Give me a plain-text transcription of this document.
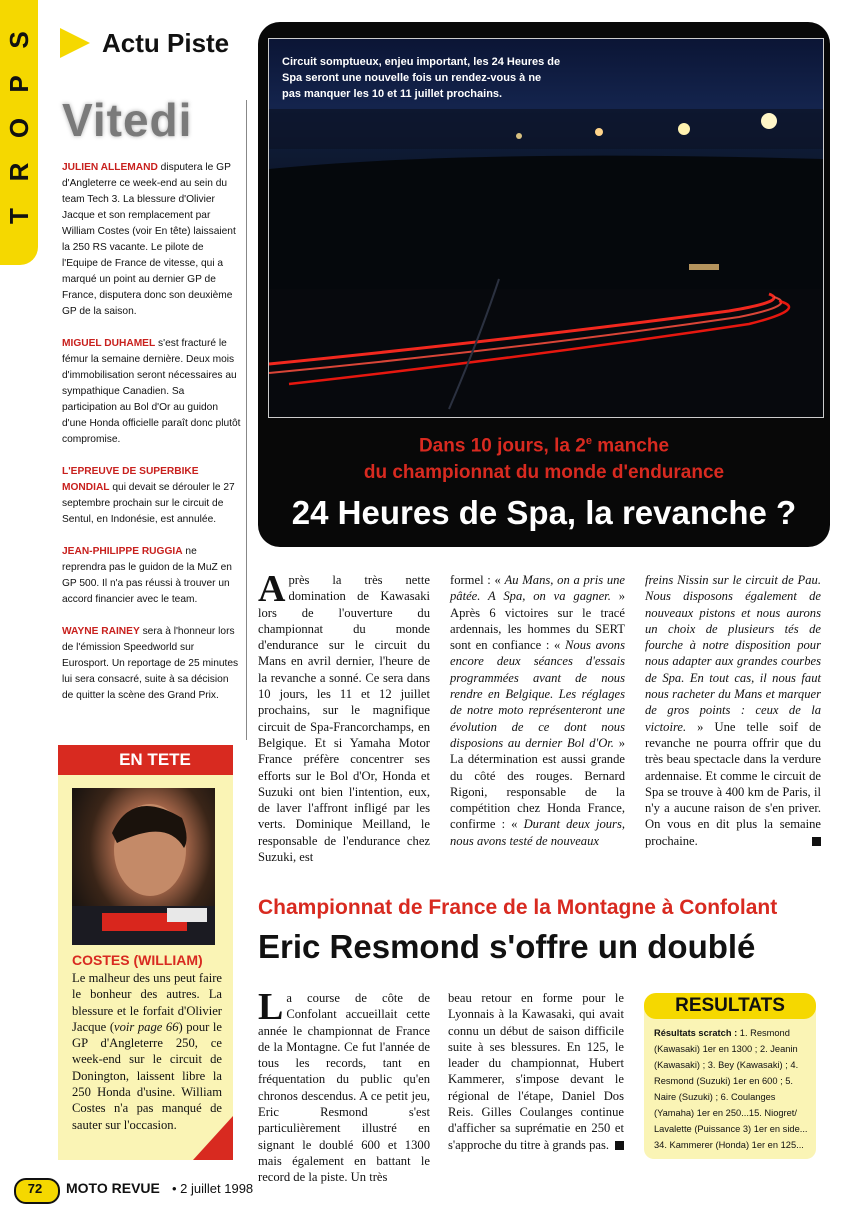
S
P
O
R
T
Actu Piste
Vitedi

JULIEN ALLEMAND disputera le GP d'Angleterre ce week-end au sein du team Tech 3. La blessure d'Olivier Jacque et son remplacement par William Costes (voir En tête) laissaient la 250 RS vacante. Le pilote de l'Equipe de France de vitesse, qui a marqué un point au dernier GP de France, disputera donc son deuxième GP de la saison.

MIGUEL DUHAMEL s'est fracturé le fémur la semaine dernière. Deux mois d'immobilisation seront nécessaires au sympathique Canadien. Sa participation au Bol d'Or au guidon d'une Honda officielle paraît donc plutôt compromise.

L'EPREUVE DE SUPERBIKE MONDIAL qui devait se dérouler le 27 septembre prochain sur le circuit de Sentul, en Indonésie, est annulée.

JEAN-PHILIPPE RUGGIA ne reprendra pas le guidon de la MuZ en GP 500. Il n'a pas réussi à trouver un accord financier avec le team.

WAYNE RAINEY sera à l'honneur lors de l'émission Speedworld sur Eurosport. Un reportage de 25 minutes lui sera consacré, suite à sa décision de quitter la scène des Grand Prix.

Circuit somptueux, enjeu important, les 24 Heures de Spa seront une nouvelle fois un rendez-vous à ne pas manquer les 10 et 11 juillet prochains.
Dans 10 jours, la 2e manche
du championnat du monde d'endurance
24 Heures de Spa, la revanche ?
Après la très nette domination de Kawasaki lors de l'ouverture du championnat du monde d'endurance sur le circuit du Mans en avril dernier, l'heure de la revanche a sonné. Ce sera dans 10 jours, les 11 et 12 juillet prochains, sur le magnifique circuit de Spa-Francorchamps, en Belgique. Et si Yamaha Motor France préfère concentrer ses efforts sur le Bol d'Or, Honda et Suzuki ont bien l'intention, eux, de laver l'affront infligé par les verts. Dominique Meilland, le responsable de l'endurance chez Suzuki, est
formel : « Au Mans, on a pris une pâtée. A Spa, on va gagner. » Après 6 victoires sur le tracé ardennais, les hommes du SERT sont en confiance : « Nous avons encore deux séances d'essais programmées avant de nous rendre en Belgique. Les réglages de notre moto représenteront une évolution de ce dont nous disposions au dernier Bol d'Or. » La détermination est aussi grande du côté des rouges. Bernard Rigoni, responsable de la compétition chez Honda France, confirme : « Durant deux jours, nous avons testé de nouveaux
freins Nissin sur le circuit de Pau. Nous disposons également de nouveaux pistons et nous aurons un choix de plusieurs tés de fourche à notre disposition pour nous adapter aux grandes courbes de Spa. En tout cas, il nous faut nous racheter du Mans et marquer de gros points : ceux de la victoire. » Une telle soif de revanche ne pourra offrir que du très beau spectacle dans la verdure ardennaise. Et comme le circuit de Spa se trouve à 400 km de Paris, il n'y a aucune raison de s'en priver. On vous en dit plus la semaine prochaine.
EN TETE
COSTES (WILLIAM)
Le malheur des uns peut faire le bonheur des autres. La blessure et le forfait d'Olivier Jacque (voir page 66) pour le GP d'Angleterre 250, ce week-end sur le circuit de Donington, laissent libre la 250 Honda d'usine. William Costes n'a pas manqué de sauter sur l'occasion.
Championnat de France de la Montagne à Confolant
Eric Resmond s'offre un doublé
La course de côte de Confolant accueillait cette année le championnat de France de la Montagne. Ce fut l'année de tous les records, tant en fréquentation du public qu'en chronos descendus. A ce petit jeu, Eric Resmond s'est particulièrement illustré en signant le doublé 600 et 1300 mais également en battant le record de la piste. Un très
beau retour en forme pour le Lyonnais à la Kawasaki, qui avait connu un début de saison difficile suite à ses blessures. En 125, le leader du championnat, Hubert Kammerer, s'impose devant le régional de l'étape, Daniel Dos Reis. Gilles Coulanges continue d'afficher sa suprématie en 250 et s'approche du titre à grands pas.
RESULTATS
Résultats scratch : 1. Resmond (Kawasaki) 1er en 1300 ; 2. Jeanin (Kawasaki) ; 3. Bey (Kawasaki) ; 4. Resmond (Suzuki) 1er en 600 ; 5. Naire (Suzuki) ; 6. Coulanges (Yamaha) 1er en 250...15. Niogret/ Lavalette (Puissance 3) 1er en side... 34. Kammerer (Honda) 1er en 125...
72	MOTO REVUE • 2 juillet 1998
